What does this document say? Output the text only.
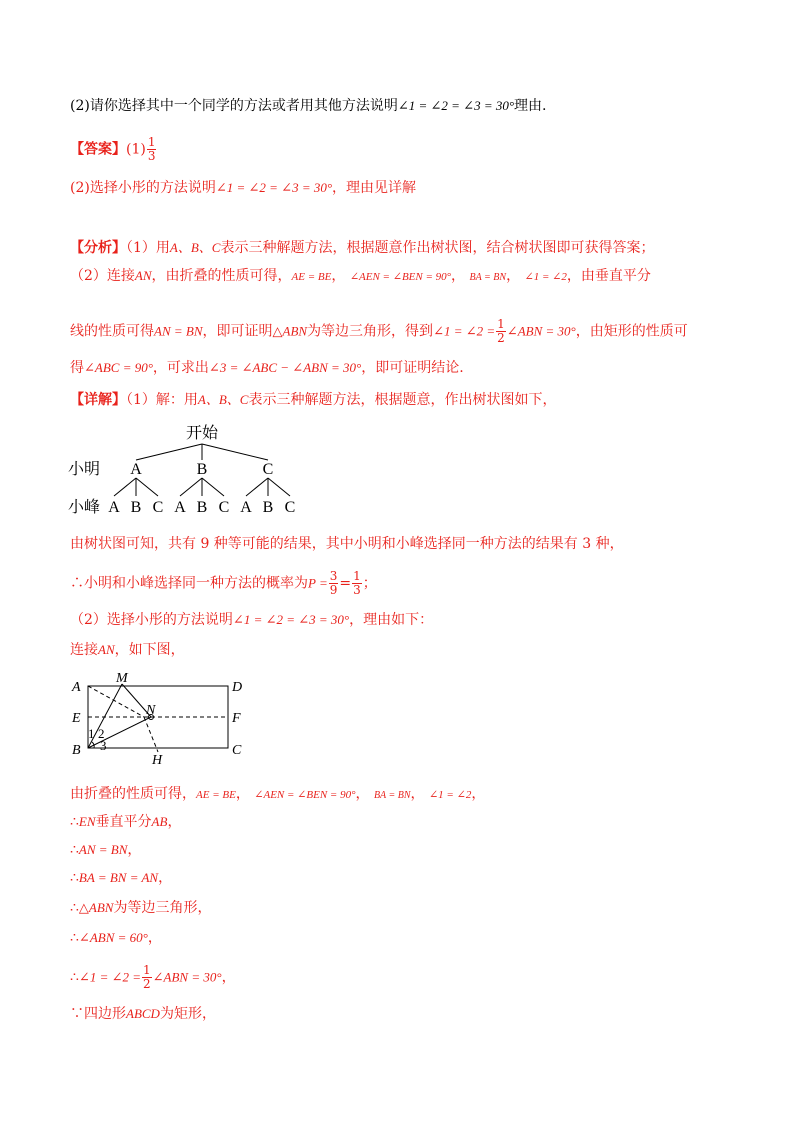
(2)请你选择其中一个同学的方法或者用其他方法说明∠1 = ∠2 = ∠3 = 30°理由.
【答案】$(1) \frac{1}{3}$
(2)选择小彤的方法说明∠1 = ∠2 = ∠3 = 30°，理由见详解
【分析】（1）用A、B、C表示三种解题方法，根据题意作出树状图，结合树状图即可获得答案；
（2）连接AN，由折叠的性质可得，AE = BE， ∠AEN = ∠BEN = 90°， BA = BN， ∠1 = ∠2，由垂直平分
线的性质可得AN = BN，即可证明△ABN为等边三角形，得到∠1 = ∠2 = $\frac{1}{2}$ ∠ABN = 30°，由矩形的性质可
得∠ABC = 90°，可求出∠3 = ∠ABC − ∠ABN = 30°，即可证明结论.
【详解】（1）解：用A、B、C表示三种解题方法，根据题意，作出树状图如下，
开始
小明 A	B	C
小峰 A B C A B C A B C
由树状图可知，共有 9 种等可能的结果，其中小明和小峰选择同一种方法的结果有 3 种，
∴小明和小峰选择同一种方法的概率为$P = \frac{3}{9} = \frac{1}{3}$ ；
（2）选择小彤的方法说明∠1 = ∠2 = ∠3 = 30°，理由如下：
连接AN，如下图，
A
M
D
E
N
F
B	C
H
1 2
3
由折叠的性质可得，AE = BE， ∠AEN = ∠BEN = 90°， BA = BN， ∠1 = ∠2，
∴EN垂直平分AB，
∴AN = BN，
∴BA = BN = AN，
∴△ABN为等边三角形，
∴∠ABN = 60°，
∴∠1 = ∠2 = $\frac{1}{2}$ ∠ABN = 30°，
∵四边形ABCD为矩形，
